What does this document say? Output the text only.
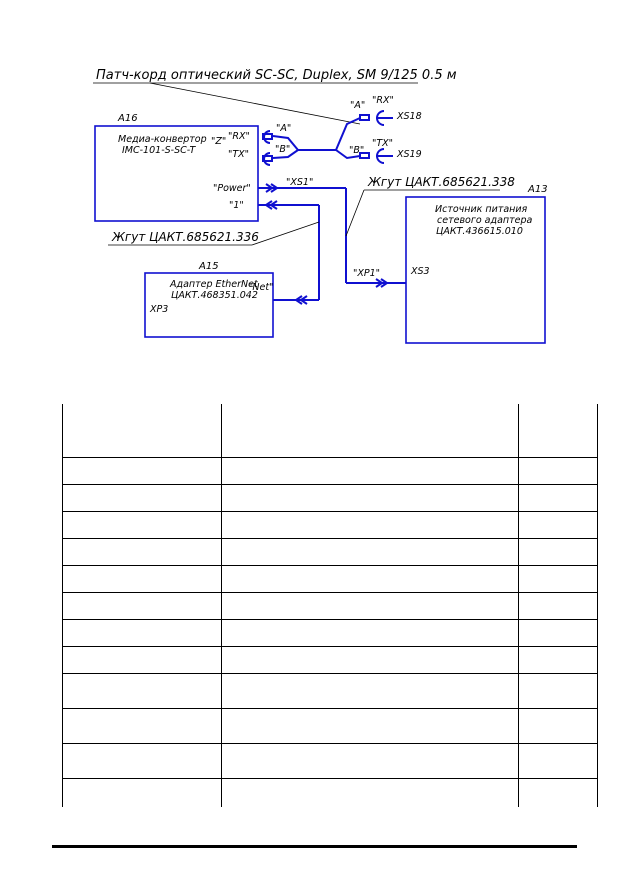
Патч-корд оптический SC-SC, Duplex, SM 9/125 0.5 м
A16
Медиа-конвертор
IMC-101-S-SC-T
"Z" "RX"
"TX"
"Power"
"1"
"A"
"B"
"A"
"B"
"RX"
"TX"
XS18
XS19
"XS1"
"XP1"
Жгут ЦАКТ.685621.338
Жгут ЦАКТ.685621.336
A13
Источник питания
сетевого адаптера
ЦАКТ.436615.010
XS3
A15
Адаптер EtherNet
ЦАКТ.468351.042
"Net"
XP3
